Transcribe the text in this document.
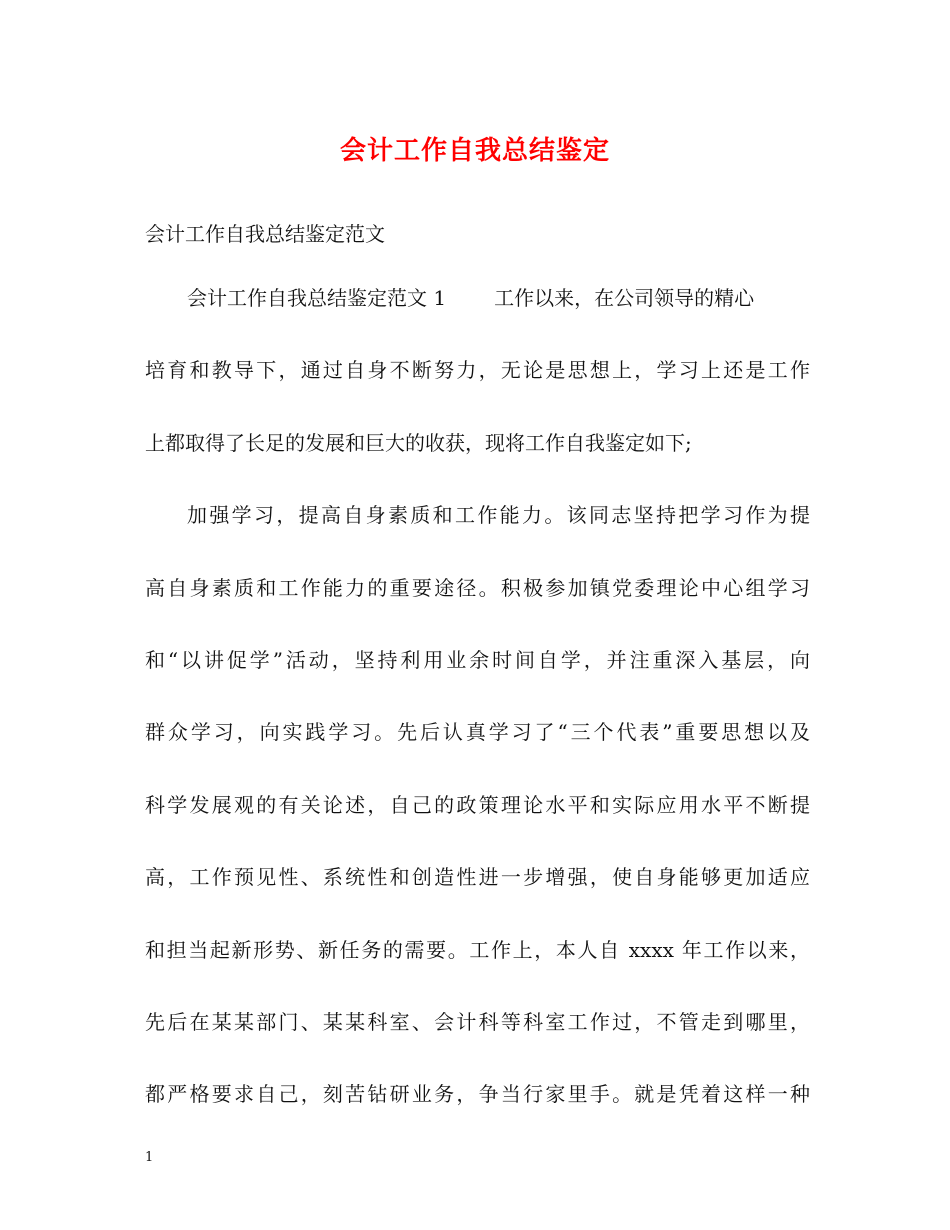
会计工作自我总结鉴定
会计工作自我总结鉴定范文
会计工作自我总结鉴定范文 1 工作以来，在公司领导的精心
培育和教导下，通过自身不断努力，无论是思想上，学习上还是工作
上都取得了长足的发展和巨大的收获，现将工作自我鉴定如下;
加强学习，提高自身素质和工作能力。该同志坚持把学习作为提
高自身素质和工作能力的重要途径。积极参加镇党委理论中心组学习
和“以讲促学”活动，坚持利用业余时间自学，并注重深入基层，向
群众学习，向实践学习。先后认真学习了“三个代表”重要思想以及
科学发展观的有关论述，自己的政策理论水平和实际应用水平不断提
高，工作预见性、系统性和创造性进一步增强，使自身能够更加适应
和担当起新形势、新任务的需要。工作上，本人自 xxxx 年工作以来，
先后在某某部门、某某科室、会计科等科室工作过，不管走到哪里，
都严格要求自己，刻苦钻研业务，争当行家里手。就是凭着这样一种
1
